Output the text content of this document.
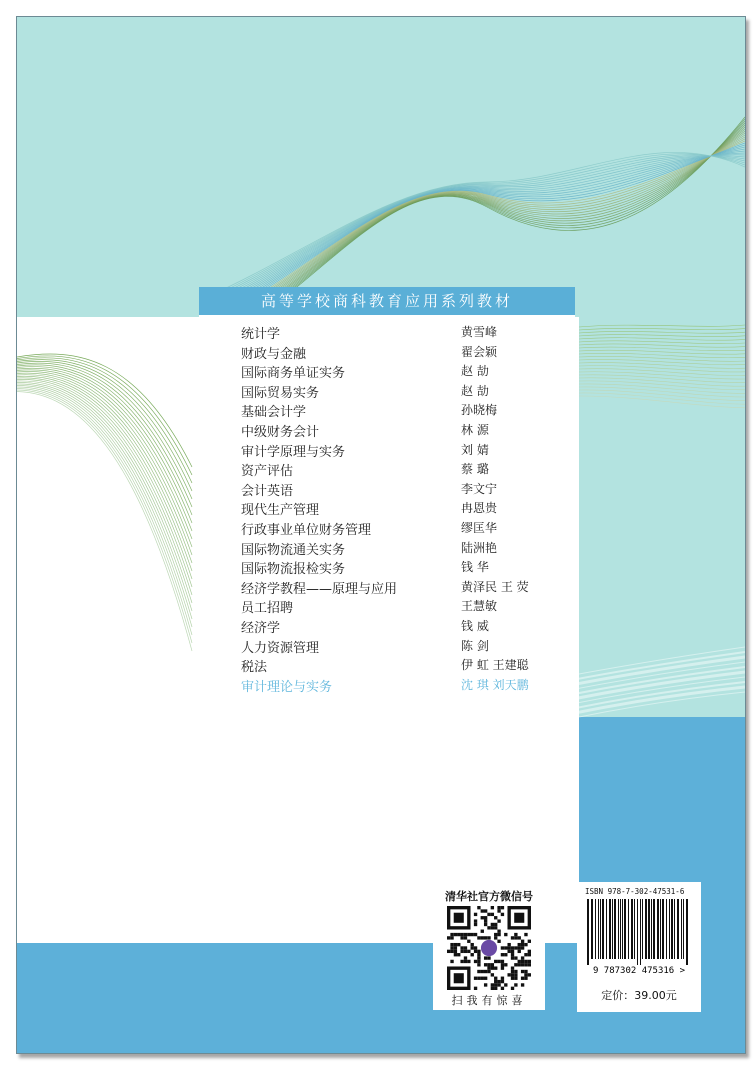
高等学校商科教育应用系列教材
统计学	黄雪峰
财政与金融	翟会颖
国际商务单证实务	赵 劼
国际贸易实务	赵 劼
基础会计学	孙晓梅
中级财务会计	林 源
审计学原理与实务	刘 婧
资产评估	蔡 璐
会计英语	李文宁
现代生产管理	冉恩贵
行政事业单位财务管理	缪匡华
国际物流通关实务	陆洲艳
国际物流报检实务	钱 华
经济学教程——原理与应用	黄泽民 王 荧
员工招聘	王慧敏
经济学	钱 威
人力资源管理	陈 剑
税法	伊 虹 王建聪
审计理论与实务	沈 琪 刘天鹏
清华社官方微信号
扫我有惊喜
ISBN 978-7-302-47531-6
9 787302 475316 >
定价：39.00元
